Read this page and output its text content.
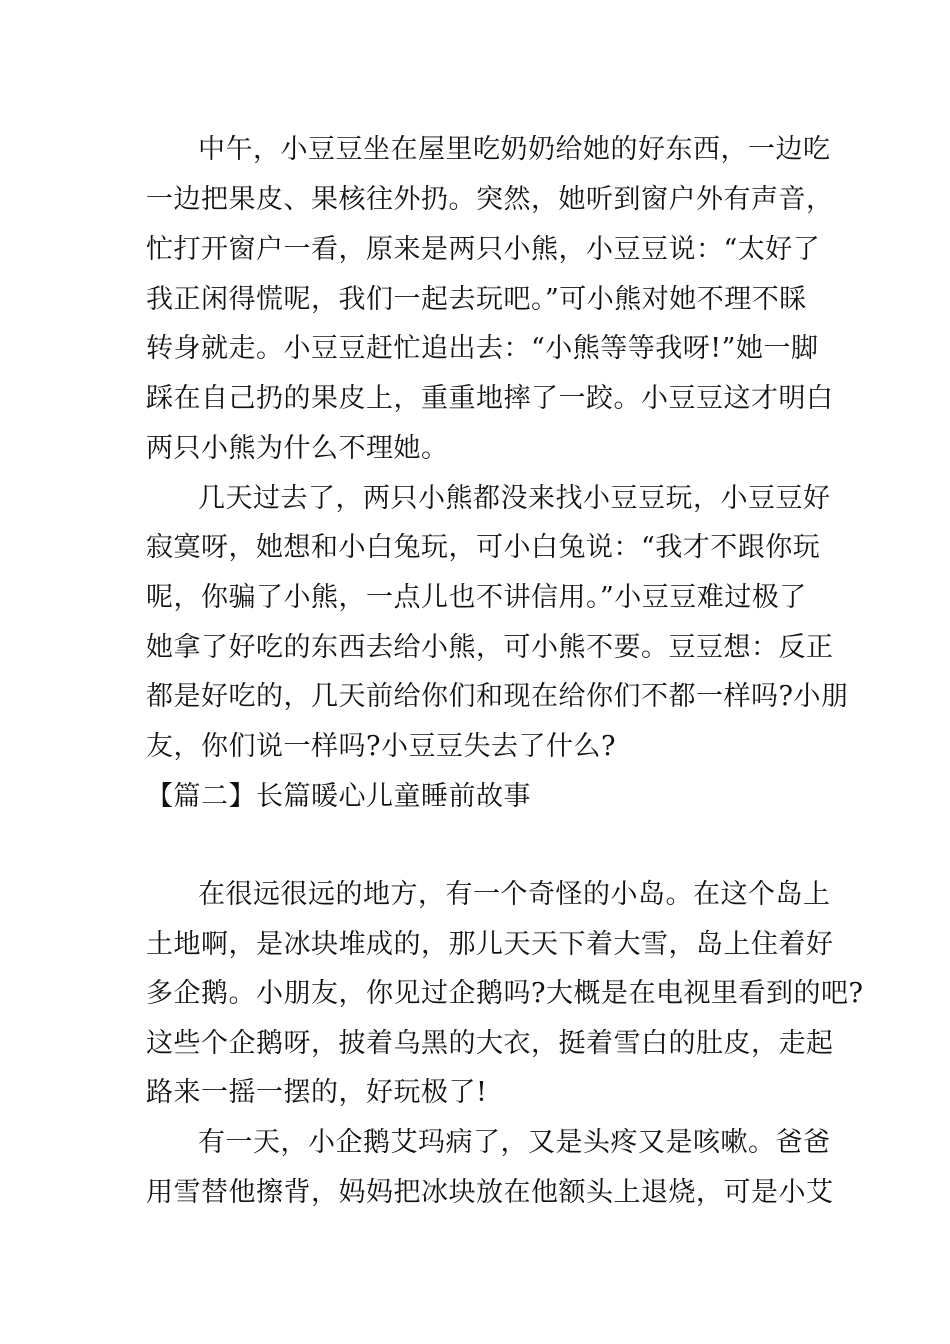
中午，小豆豆坐在屋里吃奶奶给她的好东西，一边吃
一边把果皮、果核往外扔。突然，她听到窗户外有声音，
忙打开窗户一看，原来是两只小熊，小豆豆说：“太好了
我正闲得慌呢，我们一起去玩吧。”可小熊对她不理不睬
转身就走。小豆豆赶忙追出去：“小熊等等我呀!”她一脚
踩在自己扔的果皮上，重重地摔了一跤。小豆豆这才明白
两只小熊为什么不理她。
几天过去了，两只小熊都没来找小豆豆玩，小豆豆好
寂寞呀，她想和小白兔玩，可小白兔说：“我才不跟你玩
呢，你骗了小熊，一点儿也不讲信用。”小豆豆难过极了
她拿了好吃的东西去给小熊，可小熊不要。豆豆想：反正
都是好吃的，几天前给你们和现在给你们不都一样吗?小朋
友，你们说一样吗?小豆豆失去了什么?
【篇二】长篇暖心儿童睡前故事
在很远很远的地方，有一个奇怪的小岛。在这个岛上
土地啊，是冰块堆成的，那儿天天下着大雪，岛上住着好
多企鹅。小朋友，你见过企鹅吗?大概是在电视里看到的吧?
这些个企鹅呀，披着乌黑的大衣，挺着雪白的肚皮，走起
路来一摇一摆的，好玩极了!
有一天，小企鹅艾玛病了，又是头疼又是咳嗽。爸爸
用雪替他擦背，妈妈把冰块放在他额头上退烧，可是小艾
